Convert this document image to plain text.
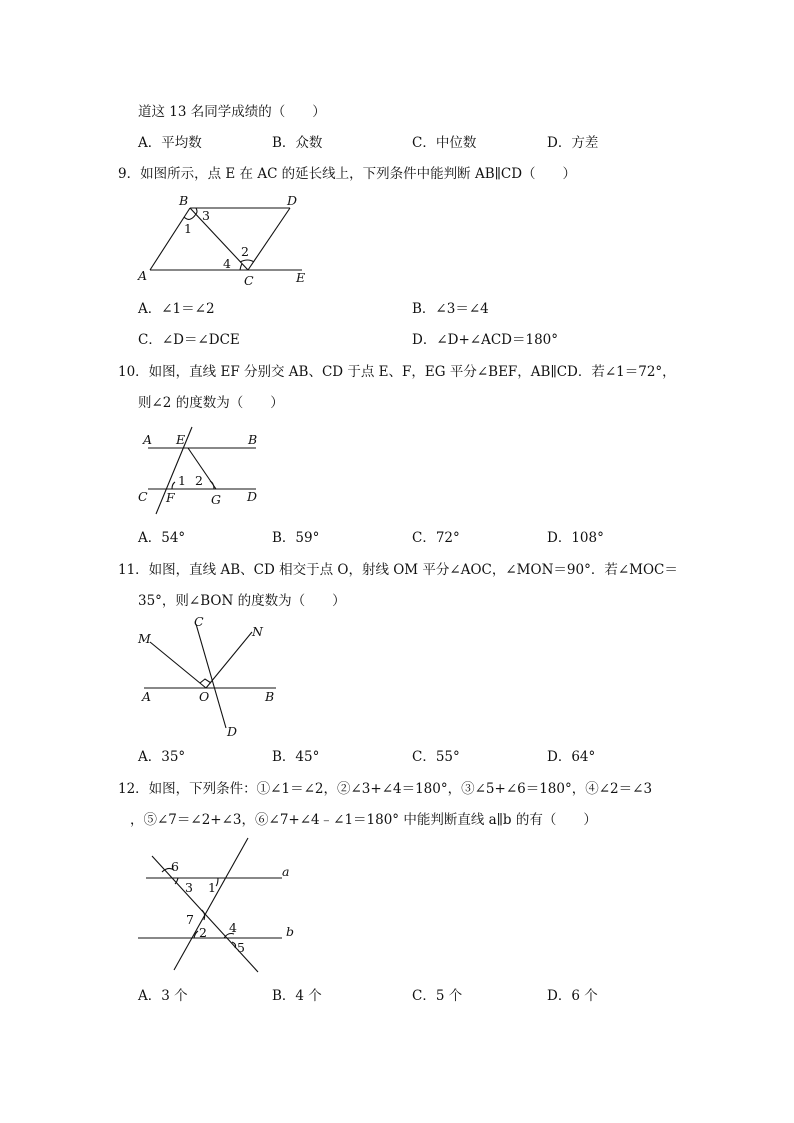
道这 13 名同学成绩的（　　）
A．平均数	B．众数	C．中位数	D．方差
9．如图所示，点 E 在 AC 的延长线上，下列条件中能判断 AB∥CD（　　）
B	D
A	C	E
1
3
2
4
A．∠1＝∠2	B．∠3＝∠4
C．∠D＝∠DCE	D．∠D+∠ACD＝180°
10．如图，直线 EF 分别交 AB、CD 于点 E、F，EG 平分∠BEF，AB∥CD．若∠1＝72°，
则∠2 的度数为（　　）
A E	B
C F	G D
1 2
A．54°	B．59°	C．72°	D．108°
11．如图，直线 AB、CD 相交于点 O，射线 OM 平分∠AOC，∠MON＝90°．若∠MOC＝
35°，则∠BON 的度数为（　　）
M
C
N
A	O	B
D
A．35°	B．45°	C．55°	D．64°
12．如图，下列条件：①∠1＝∠2，②∠3+∠4＝180°，③∠5+∠6＝180°，④∠2＝∠3
，⑤∠7＝∠2+∠3，⑥∠7+∠4﹣∠1＝180° 中能判断直线 a∥b 的有（　　）
a
b
6
3 1
7
2 4
5
A．3 个	B．4 个	C．5 个	D．6 个
